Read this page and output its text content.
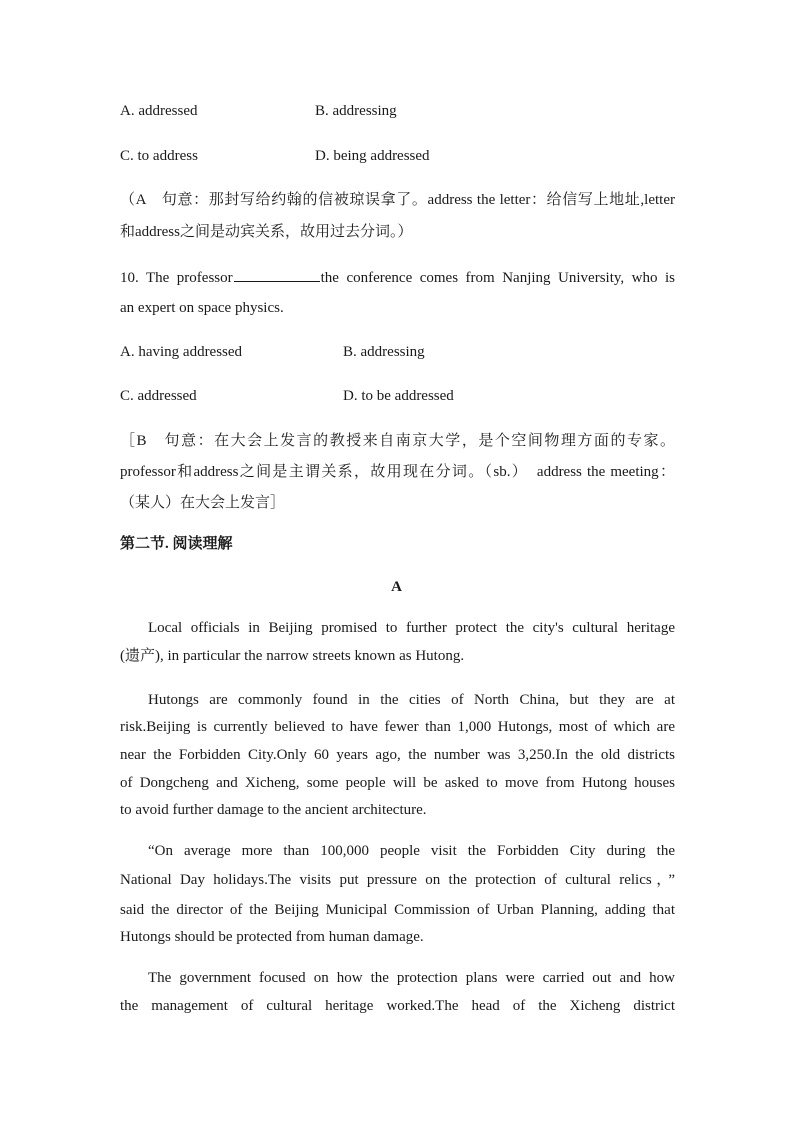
A. addressed	B. addressing
C. to address	D. being addressed
（A　句意：那封写给约翰的信被琼误拿了。address the letter：给信写上地址,letter
和address之间是动宾关系，故用过去分词。）
10. The professor	the conference comes from Nanjing University, who is
an expert on space physics.
A. having addressed	B. addressing
C. addressed	D. to be addressed
［B　句意：在大会上发言的教授来自南京大学，是个空间物理方面的专家。
professor和address之间是主谓关系，故用现在分词。（sb.）　address the meeting：
（某人）在大会上发言］
第二节. 阅读理解
A
Local officials in Beijing promised to further protect the city's cultural heritage
(遗产), in particular the narrow streets known as Hutong.
Hutongs are commonly found in the cities of North China, but they are at
risk.Beijing is currently believed to have fewer than 1,000 Hutongs, most of which are
near the Forbidden City.Only 60 years ago, the number was 3,250.In the old districts
of Dongcheng and Xicheng, some people will be asked to move from Hutong houses
to avoid further damage to the ancient architecture.
“On average more than 100,000 people visit the Forbidden City during the
National Day holidays.The visits put pressure on the protection of cultural relics，”
said the director of the Beijing Municipal Commission of Urban Planning, adding that
Hutongs should be protected from human damage.
The government focused on how the protection plans were carried out and how
the management of cultural heritage worked.The head of the Xicheng district
